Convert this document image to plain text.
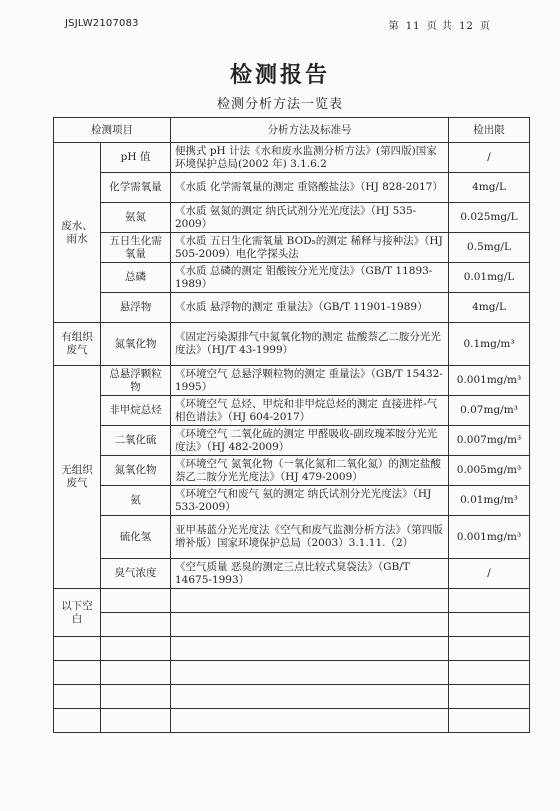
JSJLW2107083	第 11 页 共 12 页
检测报告
检测分析方法一览表
检测项目		分析方法及标准号	检出限
废水、雨水	pH 值	便携式 pH 计法《水和废水监测分析方法》(第四版)国家环境保护总局(2002 年) 3.1.6.2	/
	化学需氧量	《水质 化学需氧量的测定 重铬酸盐法》（HJ 828-2017）	4mg/L
	氨氮	《水质 氨氮的测定 纳氏试剂分光光度法》（HJ 535-2009）	0.025mg/L
	五日生化需氧量	《水质 五日生化需氧量 BOD₅的测定 稀释与接种法》（HJ 505-2009）电化学探头法	0.5mg/L
	总磷	《水质 总磷的测定 钼酸铵分光光度法》（GB/T 11893-1989）	0.01mg/L
	悬浮物	《水质 悬浮物的测定 重量法》（GB/T 11901-1989）	4mg/L
有组织废气	氮氧化物	《固定污染源排气中氮氧化物的测定 盐酸萘乙二胺分光光度法》（HJ/T 43-1999）	0.1mg/m³
无组织废气	总悬浮颗粒物	《环境空气 总悬浮颗粒物的测定 重量法》（GB/T 15432-1995）	0.001mg/m³
	非甲烷总烃	《环境空气 总烃、甲烷和非甲烷总烃的测定 直接进样-气相色谱法》（HJ 604-2017）	0.07mg/m³
	二氧化硫	《环境空气 二氧化硫的测定 甲醛吸收-副玫瑰苯胺分光光度法》（HJ 482-2009）	0.007mg/m³
	氮氧化物	《环境空气 氮氧化物（一氧化氮和二氧化氮）的测定盐酸萘乙二胺分光光度法》（HJ 479-2009）	0.005mg/m³
	氨	《环境空气和废气 氨的测定 纳氏试剂分光光度法》（HJ 533-2009）	0.01mg/m³
	硫化氢	亚甲基蓝分光光度法《空气和废气监测分析方法》（第四版增补版）国家环境保护总局（2003）3.1.11.（2）	0.001mg/m³
	臭气浓度	《空气质量 恶臭的测定三点比较式臭袋法》（GB/T 14675-1993）	/
以下空白			
